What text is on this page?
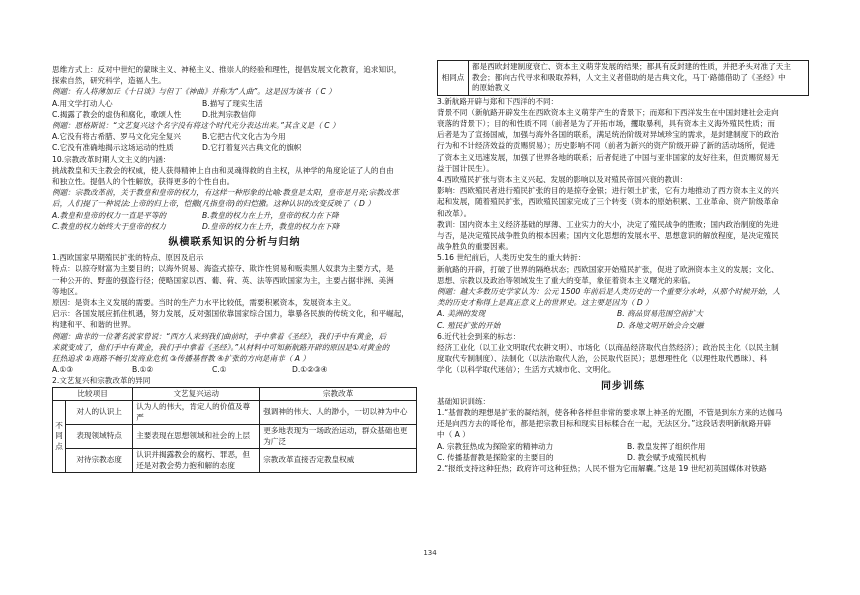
思维方式上：反对中世纪的蒙昧主义、神秘主义、推崇人的经验和理性，提倡发展文化教育，追求知识，
探索自然，研究科学，造福人生。
例题：有人将薄加丘《十日谈》与但丁《神曲》并称为“人曲”。这是因为该书（ C ）
A.用文学打动人心	B.描写了现实生活
C.揭露了教会的虚伪和腐化，歌颂人性	D.批判宗教信仰
例题：恩格斯说：“文艺复兴这个名字没有将这个时代充分表达出来。”其含义是（ C ）
A.它没有将古希腊、罗马文化完全复兴	B.它把古代文化古为今用
C.它没有准确地揭示这场运动的性质	D.它打着复兴古典文化的旗帜
10.宗教改革时期人文主义的内涵：
挑战教皇和天主教会的权威，使人获得精神上自由和灵魂得救的自主权，从神学的角度论证了人的自由
和独立性。提倡人的个性解放，获得更多的个性自由。
例题：宗教改革前，关于教皇和皇帝的权力，有这样一种形象的比喻:教皇是太阳，皇帝是月亮;宗教改革
后，人们提了一种说法:上帝的归上帝，恺撒(凡指皇帝)的归恺撒。这种认识的改变反映了（ D ）
A.教皇和皇帝的权力一直是平等的	B.教皇的权力在上升，皇帝的权力在下降
C.教皇的权力始终大于皇帝的权力	D.皇帝的权力在上升，教皇的权力在下降
纵横联系知识的分析与归纳
1.西欧国家早期殖民扩张的特点、原因及启示
特点：以掠夺财富为主要目的；以海外贸易、海盗式掠夺、欺诈性贸易和贩卖黑人奴隶为主要方式，是
一种公开的、野蛮的强盗行径；使略国家以西、葡、荷、英、法等西欧国家为主，主要占据非洲、美洲
等地区。
原因：是资本主义发展的需要。当时的生产力水平比较低，需要积累资本，发展资本主义。
启示：各国发展应抓住机遇，努力发展，反对强国依靠国家综合国力，靠暴各民族的传统文化，和平崛起，
构建和平、和谐的世界。
例题：曲非的一位著名波家曾说：“西方人来到我们曲前时，手中拿着《圣经》，我们手中有黄金，后
来就变成了，他们手中有黄金，我们手中拿着《圣经》。”从材料中可知新航路开辟的原因是①对黄金的
狂热追求 ②商路不畅引发商业危机 ③传播基督教 ④扩张的方向是南非（ A ）
A.①③	B.①②	C.①	D.①②③④
2.文艺复兴和宗教改革的异同
比较项目		文艺复兴运动	宗教改革
不同点	对人的认识上	认为人的伟大，肯定人的价值及尊严	强调神的伟大、人的渺小，一切以神为中心
	表现领域特点	主要表现在思想领域和社会的上层	更多地表现为一场政治运动，群众基础也更为广泛
	对待宗教态度	认识并揭露教会的腐朽、罪恶，但还是对教会势力抱和解的态度	宗教改革直接否定教皇权威
相同点	
都是西欧封建制度衰亡、资本主义萌芽发展的结果；都具有反封建的性质，并把矛头对准了天主
教会；都向古代寻求和吸取养料，人文主义者借助的是古典文化，马丁·路德借助了《圣经》中
的原始教义
3.新航路开辟与郑和下西洋的不同：
背景不同（新航路开辟发生在西欧资本主义萌芽产生的背景下；而郑和下西洋发生在中国封建社会走向
衰落的背景下）；目的和性质不同（前者是为了开拓市场，攫取暴利，具有资本主义海外殖民性质；而
后者是为了宣扬国威，加强与海外各国的联系，满足统治阶级对异域珍宝的需求，是封建制度下的政治
行为和不计经济效益的贡赐贸易）；历史影响不同（前者为新兴的资产阶级开辟了新的活动场所，促进
了资本主义迅速发展，加强了世界各地的联系；后者促进了中国与亚非国家的友好往来，但贡赐贸易无
益于国计民生）。
4.西欧殖民扩张与资本主义兴起、发展的影响以及对殖民帝国兴衰的教训：
影响：西欧殖民者进行殖民扩张的目的是掠夺金银；进行领土扩张，它有力地推动了西方资本主义的兴
起和发展，随着殖民扩张，西欧殖民国家完成了三个转变（资本的原始积累、工业革命、资产阶级革命
和改革）。
教训：国内资本主义经济基础的厚薄、工业实力的大小，决定了殖民战争的胜败；国内政治制度的先进
与否，是决定殖民战争胜负的根本因素；国内文化思想的发展水平、思想意识的解放程度，是决定殖民
战争胜负的重要因素。
5.16 世纪前后，人类历史发生的重大转折：
新航路的开辟，打破了世界的隔绝状态；西欧国家开始殖民扩张，促进了欧洲资本主义的发展；文化、
思想、宗教以及政治等领域发生了重大的变革，象征着资本主义曙光的来临。
例题：越大多数历史学家认为：公元 1500 年前后是人类历史的一个重要分水岭，从那个时候开始，人
类的历史才称得上是真正意义上的世界史。这主要是因为（ D ）
A. 美洲的发现	B. 商品贸易范围空前扩大
C. 殖民扩张的开始	D. 各地文明开始会合交融
6.近代社会到来的标志：
经济工业化（以工业文明取代农耕文明）、市场化（以商品经济取代自然经济）；政治民主化（以民主制
度取代专制制度）、法制化（以法治取代人治，公民取代臣民）；思想理性化（以理性取代愚昧）、科
学化（以科学取代迷信）；生活方式城市化、文明化。
同步训练
基础知识训练：
1.“基督教的理想是扩张的凝结剂，使各种各样但非常的要求罩上神圣的光圈，不管是到东方来的达伽马
还是向西方去的哥伦布，都是把宗教目标和现实目标糅合在一起，无法区分。”这段话表明新航路开辟
中（ A ）
A. 宗教狂热成为探险家的精神动力	B. 教皇发挥了组织作用
C. 传播基督教是探险家的主要目的	D. 教会赋予成殖民机构
2.“报纸支持这种狂热；政府许可这种狂热；人民不惜为它而解囊。”这是 19 世纪初英国媒体对铁路
134
